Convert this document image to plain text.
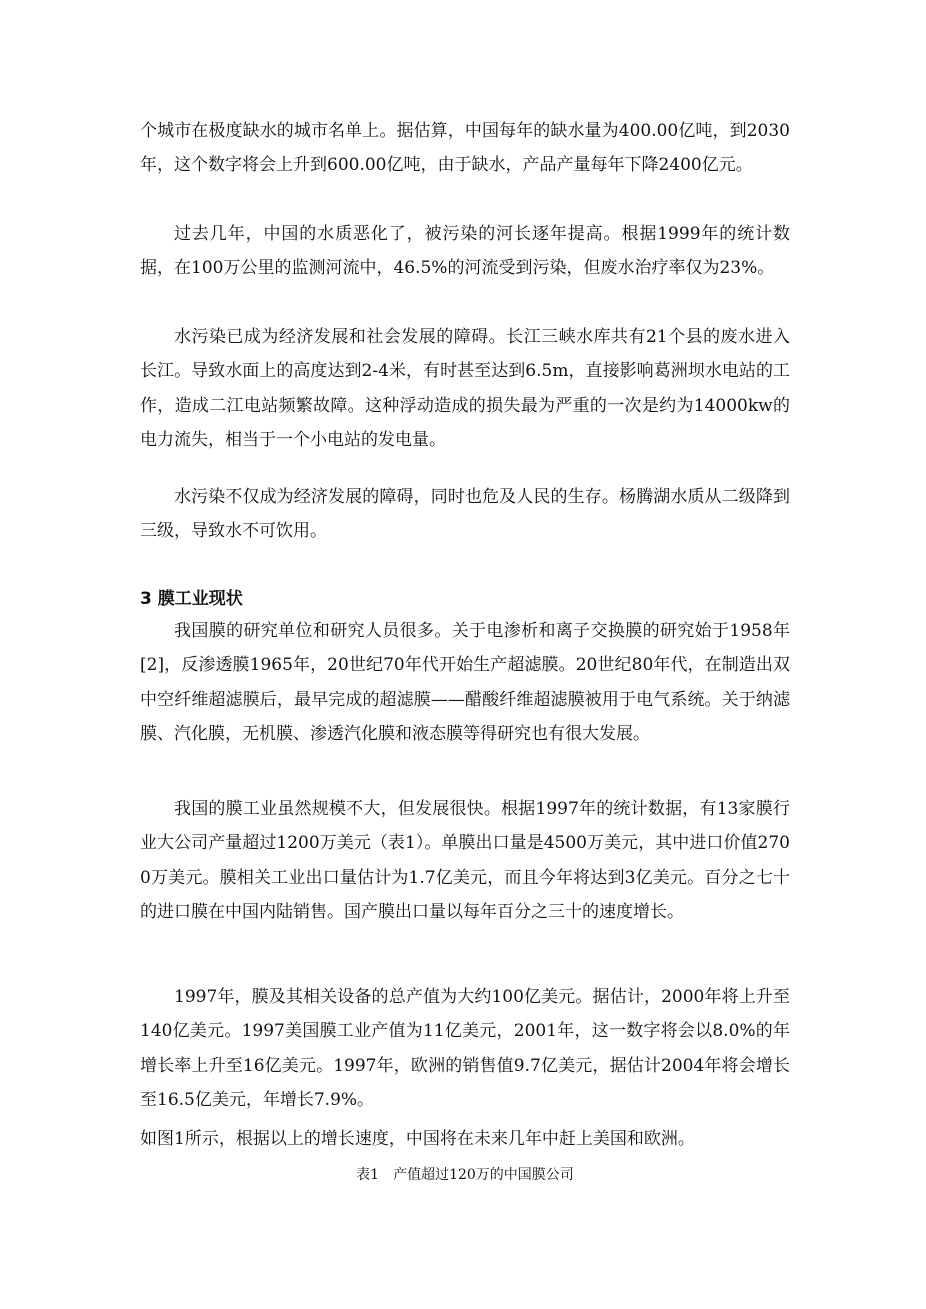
个城市在极度缺水的城市名单上。据估算，中国每年的缺水量为400.00亿吨，到2030年，这个数字将会上升到600.00亿吨，由于缺水，产品产量每年下降2400亿元。

过去几年，中国的水质恶化了，被污染的河长逐年提高。根据1999年的统计数据，在100万公里的监测河流中，46.5%的河流受到污染，但废水治疗率仅为23%。

水污染已成为经济发展和社会发展的障碍。长江三峡水库共有21个县的废水进入长江。导致水面上的高度达到2-4米，有时甚至达到6.5m，直接影响葛洲坝水电站的工作，造成二江电站频繁故障。这种浮动造成的损失最为严重的一次是约为14000kw的电力流失，相当于一个小电站的发电量。

水污染不仅成为经济发展的障碍，同时也危及人民的生存。杨腾湖水质从二级降到三级，导致水不可饮用。

3 膜工业现状

我国膜的研究单位和研究人员很多。关于电渗析和离子交换膜的研究始于1958年[2]，反渗透膜1965年，20世纪70年代开始生产超滤膜。20世纪80年代，在制造出双中空纤维超滤膜后，最早完成的超滤膜——醋酸纤维超滤膜被用于电气系统。关于纳滤膜、汽化膜，无机膜、渗透汽化膜和液态膜等得研究也有很大发展。

我国的膜工业虽然规模不大，但发展很快。根据1997年的统计数据，有13家膜行业大公司产量超过1200万美元（表1）。单膜出口量是4500万美元，其中进口价值2700万美元。膜相关工业出口量估计为1.7亿美元，而且今年将达到3亿美元。百分之七十的进口膜在中国内陆销售。国产膜出口量以每年百分之三十的速度增长。

1997年，膜及其相关设备的总产值为大约100亿美元。据估计，2000年将上升至140亿美元。1997美国膜工业产值为11亿美元，2001年，这一数字将会以8.0%的年增长率上升至16亿美元。1997年，欧洲的销售值9.7亿美元，据估计2004年将会增长至16.5亿美元，年增长7.9%。

如图1所示，根据以上的增长速度，中国将在未来几年中赶上美国和欧洲。

表1　产值超过120万的中国膜公司
